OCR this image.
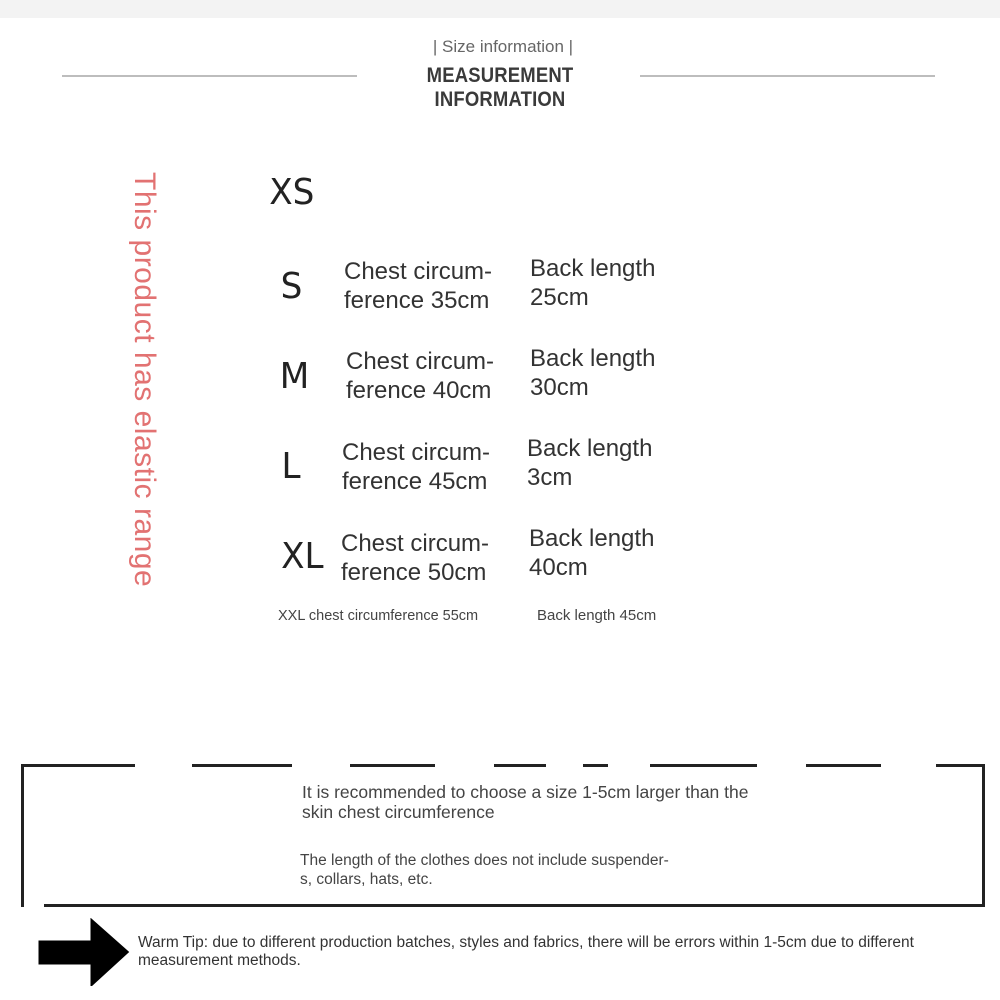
| Size information |
MEASUREMENT INFORMATION
This product has elastic range	XS
S Chest circum-
ference 35cm
Back length
25cm
M Chest circum-
ference 40cm
Back length
30cm
L Chest circum-
ference 45cm
Back length
3cm
XL Chest circum-
ference 50cm
Back length
40cm
XXL chest circumference 55cm	Back length 45cm
It is recommended to choose a size 1-5cm larger than the
skin chest circumference
The length of the clothes does not include suspender-
s, collars, hats, etc.
Warm Tip: due to different production batches, styles and fabrics, there will be errors within 1-5cm due to different measurement methods.
